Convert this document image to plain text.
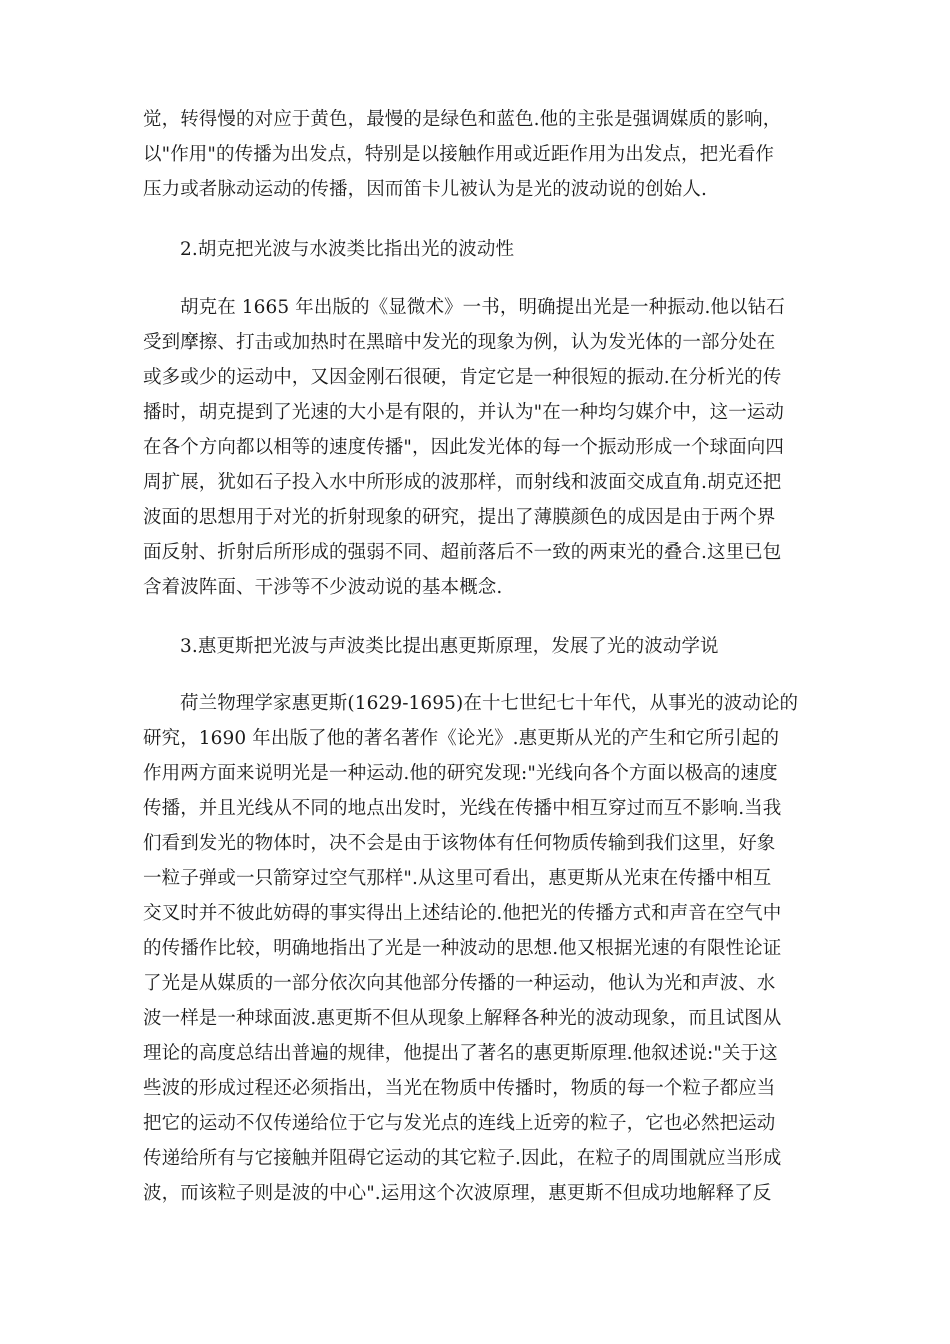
觉，转得慢的对应于黄色，最慢的是绿色和蓝色.他的主张是强调媒质的影响，
以"作用"的传播为出发点，特别是以接触作用或近距作用为出发点，把光看作
压力或者脉动运动的传播，因而笛卡儿被认为是光的波动说的创始人.
2.胡克把光波与水波类比指出光的波动性
胡克在 1665 年出版的《显微术》一书，明确提出光是一种振动.他以钻石
受到摩擦、打击或加热时在黑暗中发光的现象为例，认为发光体的一部分处在
或多或少的运动中，又因金刚石很硬，肯定它是一种很短的振动.在分析光的传
播时，胡克提到了光速的大小是有限的，并认为"在一种均匀媒介中，这一运动
在各个方向都以相等的速度传播"，因此发光体的每一个振动形成一个球面向四
周扩展，犹如石子投入水中所形成的波那样，而射线和波面交成直角.胡克还把
波面的思想用于对光的折射现象的研究，提出了薄膜颜色的成因是由于两个界
面反射、折射后所形成的强弱不同、超前落后不一致的两束光的叠合.这里已包
含着波阵面、干涉等不少波动说的基本概念.
3.惠更斯把光波与声波类比提出惠更斯原理，发展了光的波动学说
荷兰物理学家惠更斯(1629-1695)在十七世纪七十年代，从事光的波动论的
研究，1690 年出版了他的著名著作《论光》.惠更斯从光的产生和它所引起的
作用两方面来说明光是一种运动.他的研究发现:"光线向各个方面以极高的速度
传播，并且光线从不同的地点出发时，光线在传播中相互穿过而互不影响.当我
们看到发光的物体时，决不会是由于该物体有任何物质传输到我们这里，好象
一粒子弹或一只箭穿过空气那样".从这里可看出，惠更斯从光束在传播中相互
交叉时并不彼此妨碍的事实得出上述结论的.他把光的传播方式和声音在空气中
的传播作比较，明确地指出了光是一种波动的思想.他又根据光速的有限性论证
了光是从媒质的一部分依次向其他部分传播的一种运动，他认为光和声波、水
波一样是一种球面波.惠更斯不但从现象上解释各种光的波动现象，而且试图从
理论的高度总结出普遍的规律，他提出了著名的惠更斯原理.他叙述说:"关于这
些波的形成过程还必须指出，当光在物质中传播时，物质的每一个粒子都应当
把它的运动不仅传递给位于它与发光点的连线上近旁的粒子，它也必然把运动
传递给所有与它接触并阻碍它运动的其它粒子.因此，在粒子的周围就应当形成
波，而该粒子则是波的中心".运用这个次波原理，惠更斯不但成功地解释了反
